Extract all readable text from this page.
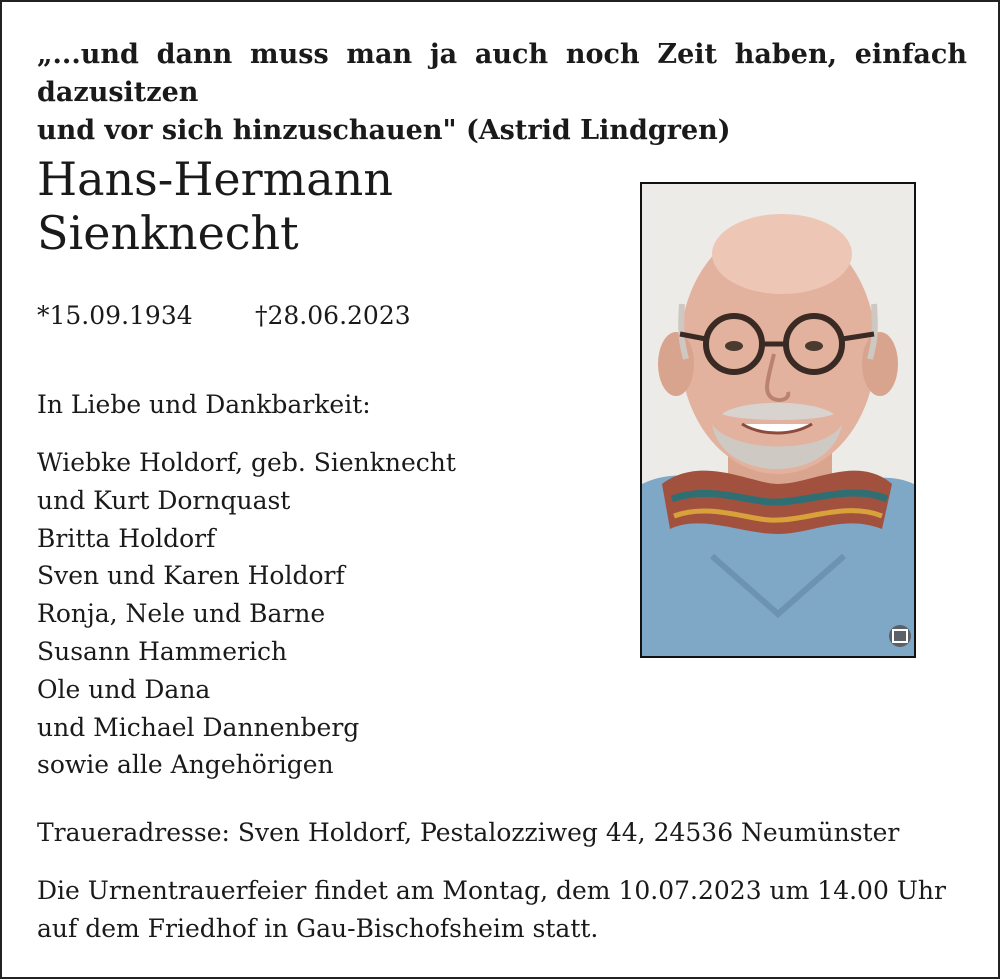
„...und dann muss man ja auch noch Zeit haben, einfach dazusitzen
und vor sich hinzuschauen" (Astrid Lindgren)
Hans-Hermann
Sienknecht
*15.09.1934 †28.06.2023
In Liebe und Dankbarkeit:
Wiebke Holdorf, geb. Sienknecht
und Kurt Dornquast
Britta Holdorf
Sven und Karen Holdorf
Ronja, Nele und Barne
Susann Hammerich
Ole und Dana
und Michael Dannenberg
sowie alle Angehörigen
Traueradresse: Sven Holdorf, Pestalozziweg 44, 24536 Neumünster
Die Urnentrauerfeier findet am Montag, dem 10.07.2023 um 14.00 Uhr
auf dem Friedhof in Gau-Bischofsheim statt.
